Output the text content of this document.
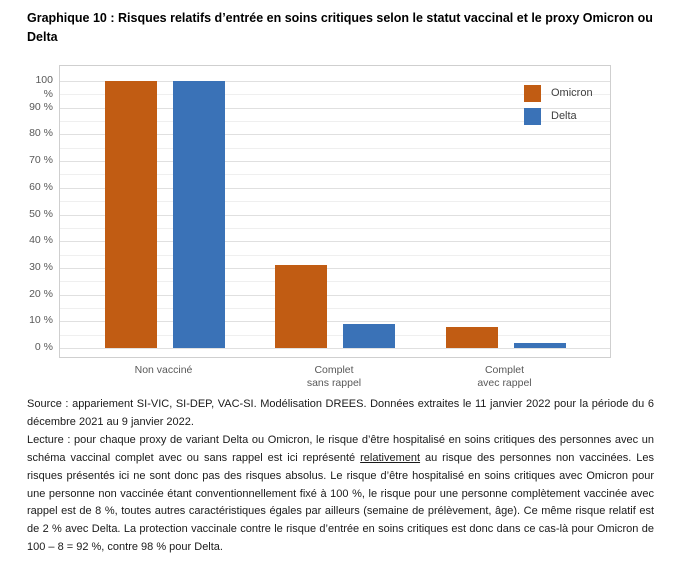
Graphique 10 : Risques relatifs d’entrée en soins critiques selon le statut vaccinal et le proxy Omicron ou Delta
0 %
10 %
20 %
30 %
40 %
50 %
60 %
70 %
80 %
90 %
100 %
Non vacciné	Complet
sans rappel
Complet
avec rappel
Omicron
Delta

Source : appariement SI-VIC, SI-DEP, VAC-SI. Modélisation DREES. Données extraites le 11 janvier 2022 pour la période du 6 décembre 2021 au 9 janvier 2022.

Lecture : pour chaque proxy de variant Delta ou Omicron, le risque d’être hospitalisé en soins critiques des personnes avec un schéma vaccinal complet avec ou sans rappel est ici représenté relativement au risque des personnes non vaccinées. Les risques présentés ici ne sont donc pas des risques absolus. Le risque d’être hospitalisé en soins critiques avec Omicron pour une personne non vaccinée étant conventionnellement fixé à 100 %, le risque pour une personne complètement vaccinée avec rappel est de 8 %, toutes autres caractéristiques égales par ailleurs (semaine de prélèvement, âge). Ce même risque relatif est de 2 % avec Delta. La protection vaccinale contre le risque d’entrée en soins critiques est donc dans ce cas-là pour Omicron de 100 – 8 = 92 %, contre 98 % pour Delta.
